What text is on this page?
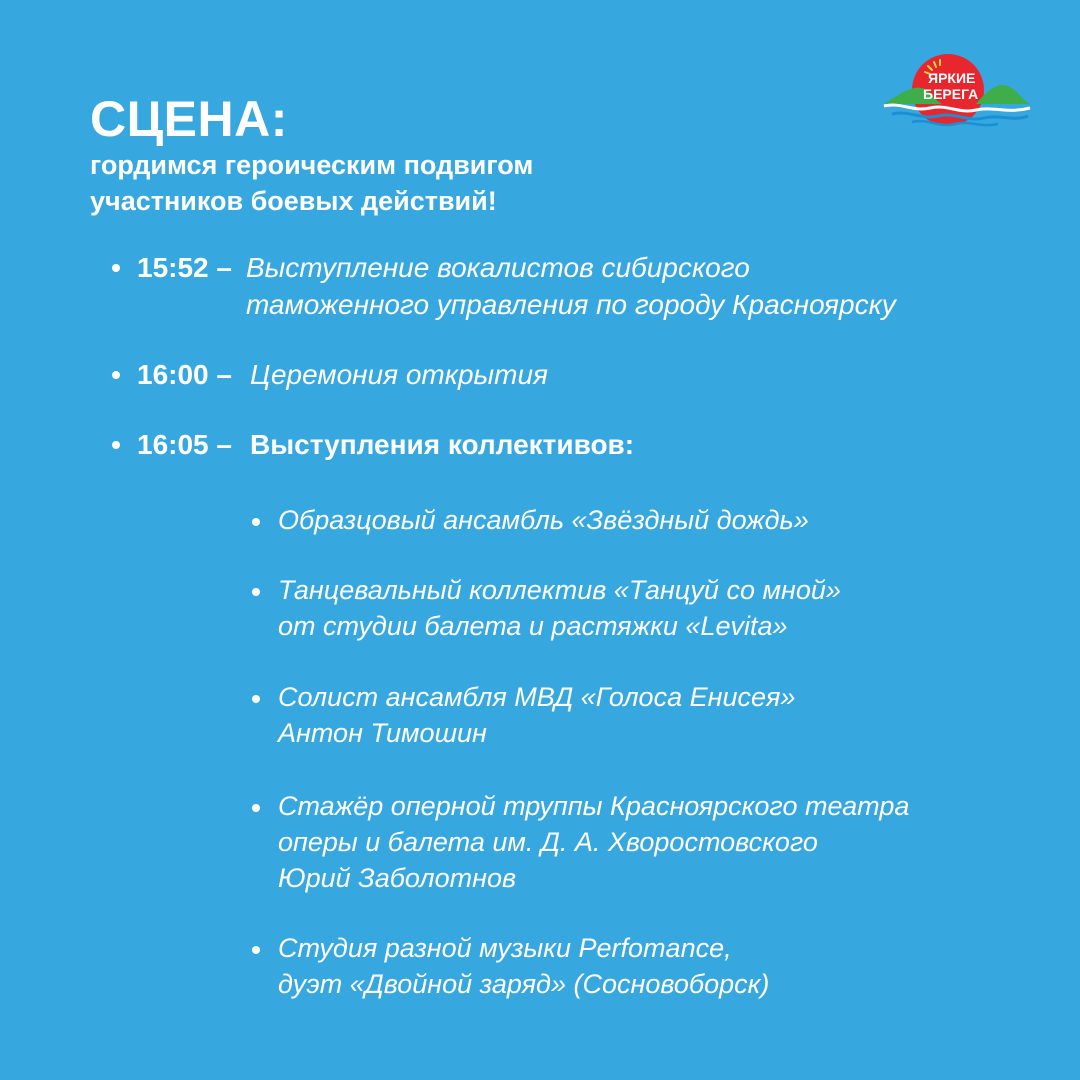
СЦЕНА:
гордимся героическим подвигом
участников боевых действий!
ЯРКИЕ
БЕРЕГА
15:52 – Выступление вокалистов сибирского
таможенного управления по городу Красноярску
16:00 – Церемония открытия
16:05 – Выступления коллективов:
Образцовый ансамбль «Звёздный дождь»
Танцевальный коллектив «Танцуй со мной»
от студии балета и растяжки «Levita»
Солист ансамбля МВД «Голоса Енисея»
Антон Тимошин
Стажёр оперной труппы Красноярского театра
оперы и балета им. Д. А. Хворостовского
Юрий Заболотнов
Студия разной музыки Perfomance,
дуэт «Двойной заряд» (Сосновоборск)
